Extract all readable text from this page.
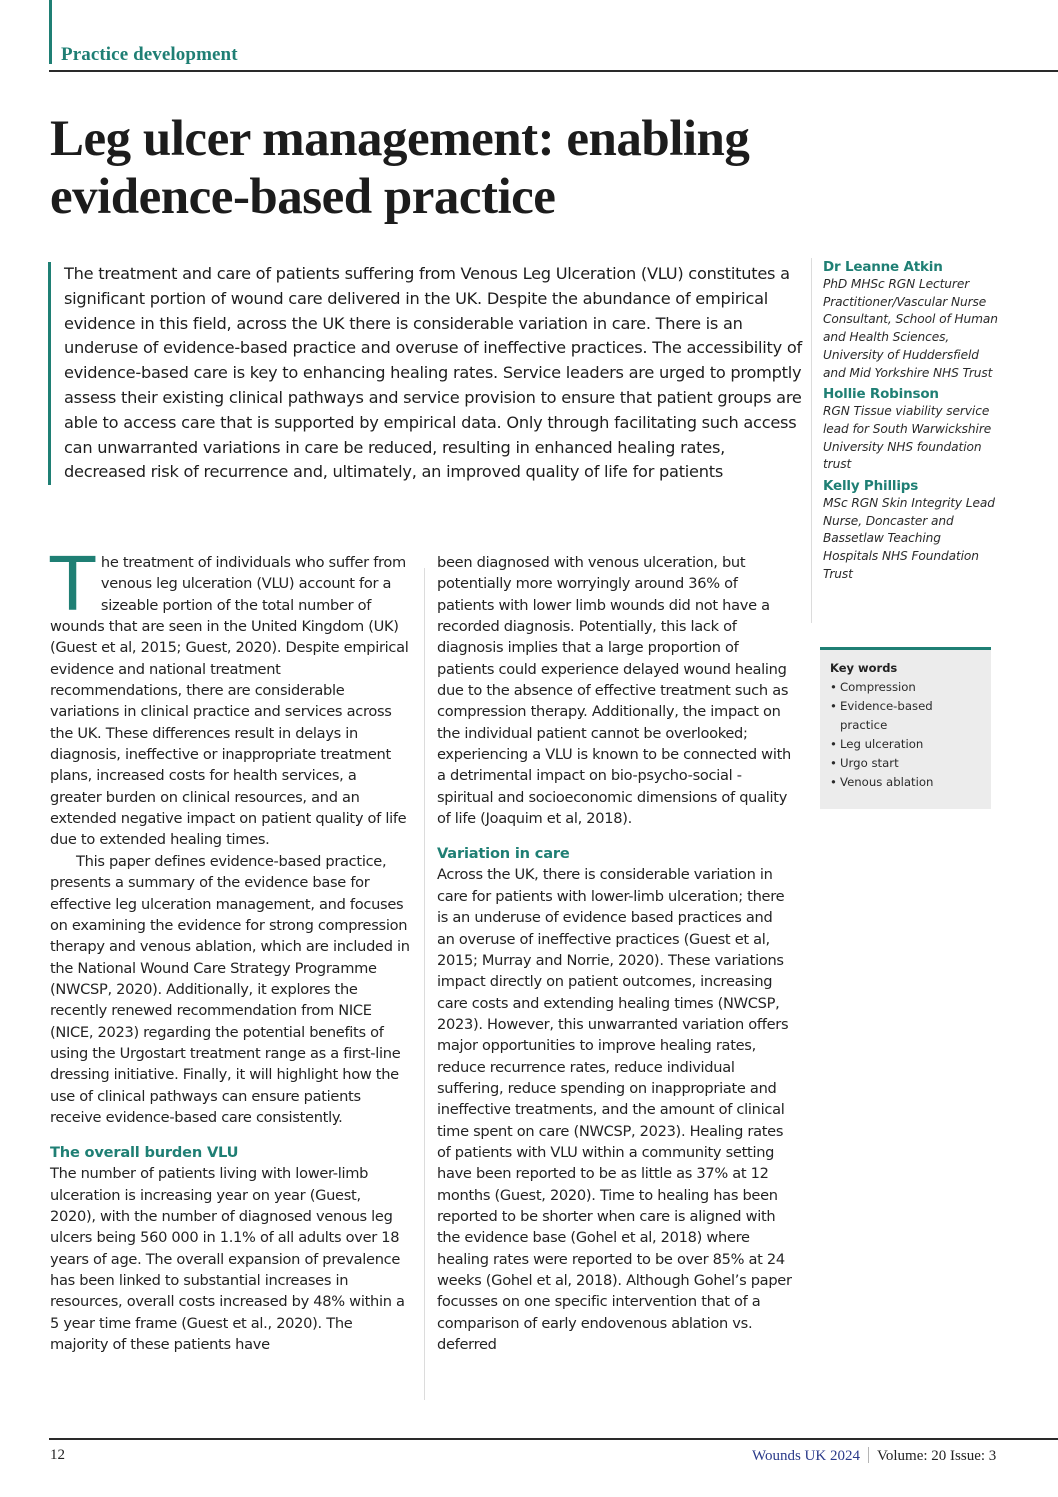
Practice development
Leg ulcer management: enabling evidence-based practice
The treatment and care of patients suffering from Venous Leg Ulceration (VLU) constitutes a significant portion of wound care delivered in the UK. Despite the abundance of empirical evidence in this field, across the UK there is considerable variation in care. There is an underuse of evidence-based practice and overuse of ineffective practices. The accessibility of evidence-based care is key to enhancing healing rates. Service leaders are urged to promptly assess their existing clinical pathways and service provision to ensure that patient groups are able to access care that is supported by empirical data. Only through facilitating such access can unwarranted variations in care be reduced, resulting in enhanced healing rates, decreased risk of recurrence and, ultimately, an improved quality of life for patients
Dr Leanne Atkin
PhD MHSc RGN Lecturer Practitioner/Vascular Nurse Consultant, School of Human and Health Sciences, University of Huddersfield and Mid Yorkshire NHS Trust
Hollie Robinson
RGN Tissue viability service lead for South Warwickshire University NHS foundation trust
Kelly Phillips
MSc RGN Skin Integrity Lead Nurse, Doncaster and Bassetlaw Teaching Hospitals NHS Foundation Trust
Key words
• Compression
• Evidence-based practice
• Leg ulceration
• Urgo start
• Venous ablation

The treatment of individuals who suffer from venous leg ulceration (VLU) account for a sizeable portion of the total number of wounds that are seen in the United Kingdom (UK) (Guest et al, 2015; Guest, 2020). Despite empirical evidence and national treatment recommendations, there are considerable variations in clinical practice and services across the UK. These differences result in delays in diagnosis, ineffective or inappropriate treatment plans, increased costs for health services, a greater burden on clinical resources, and an extended negative impact on patient quality of life due to extended healing times.

This paper defines evidence-based practice, presents a summary of the evidence base for effective leg ulceration management, and focuses on examining the evidence for strong compression therapy and venous ablation, which are included in the National Wound Care Strategy Programme (NWCSP, 2020). Additionally, it explores the recently renewed recommendation from NICE (NICE, 2023) regarding the potential benefits of using the Urgostart treatment range as a first-line dressing initiative. Finally, it will highlight how the use of clinical pathways can ensure patients receive evidence-based care consistently.

The overall burden VLU

The number of patients living with lower-limb ulceration is increasing year on year (Guest, 2020), with the number of diagnosed venous leg ulcers being 560 000 in 1.1% of all adults over 18 years of age. The overall expansion of prevalence has been linked to substantial increases in resources, overall costs increased by 48% within a 5 year time frame (Guest et al., 2020). The majority of these patients have

been diagnosed with venous ulceration, but potentially more worryingly around 36% of patients with lower limb wounds did not have a recorded diagnosis. Potentially, this lack of diagnosis implies that a large proportion of patients could experience delayed wound healing due to the absence of effective treatment such as compression therapy. Additionally, the impact on the individual patient cannot be overlooked; experiencing a VLU is known to be connected with a detrimental impact on bio-psycho-social -spiritual and socioeconomic dimensions of quality of life (Joaquim et al, 2018).

Variation in care

Across the UK, there is considerable variation in care for patients with lower-limb ulceration; there is an underuse of evidence based practices and an overuse of ineffective practices (Guest et al, 2015; Murray and Norrie, 2020). These variations impact directly on patient outcomes, increasing care costs and extending healing times (NWCSP, 2023). However, this unwarranted variation offers major opportunities to improve healing rates, reduce recurrence rates, reduce individual suffering, reduce spending on inappropriate and ineffective treatments, and the amount of clinical time spent on care (NWCSP, 2023). Healing rates of patients with VLU within a community setting have been reported to be as little as 37% at 12 months (Guest, 2020). Time to healing has been reported to be shorter when care is aligned with the evidence base (Gohel et al, 2018) where healing rates were reported to be over 85% at 24 weeks (Gohel et al, 2018). Although Gohel’s paper focusses on one specific intervention that of a comparison of early endovenous ablation vs. deferred

12	Wounds UK 2024 Volume: 20 Issue: 3
